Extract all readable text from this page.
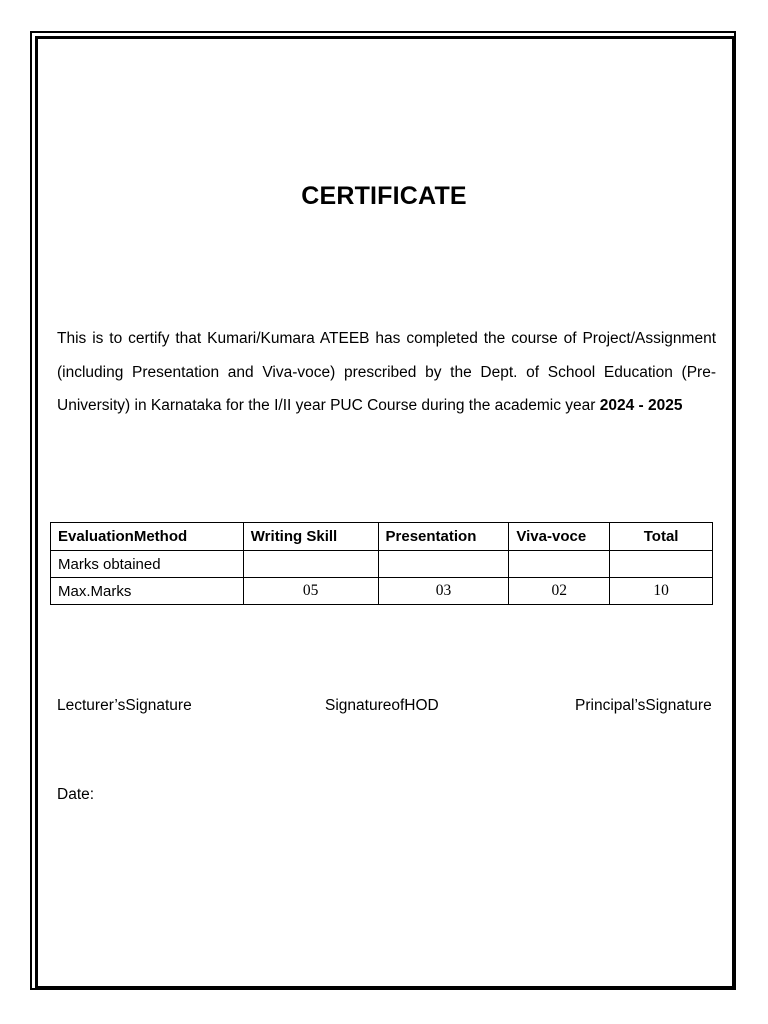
CERTIFICATE

This is to certify that Kumari/Kumara ATEEB has completed the course of Project/Assignment (including Presentation and Viva-voce) prescribed by the Dept. of School Education (Pre-University) in Karnataka for the I/II year PUC Course during the academic year 2024 - 2025

EvaluationMethod	Writing Skill	Presentation	Viva-voce	Total
Marks obtained				
Max.Marks	05	03	02	10
Lecturer’sSignature	SignatureofHOD	Principal’sSignature
Date:
